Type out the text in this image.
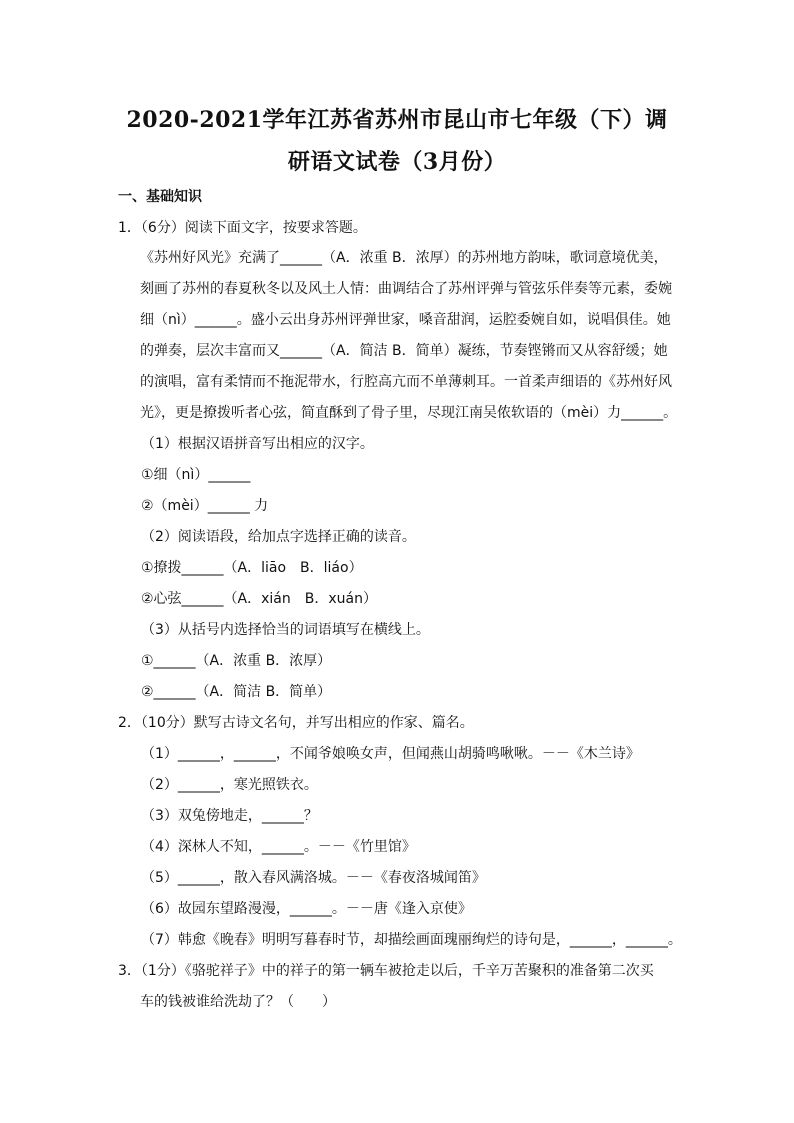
2020-2021学年江苏省苏州市昆山市七年级（下）调
研语文试卷（3月份）
一、基础知识
1．（6分）阅读下面文字，按要求答题。
《苏州好风光》充满了______（A．浓重 B．浓厚）的苏州地方韵味，歌词意境优美，
刻画了苏州的春夏秋冬以及风土人情：曲调结合了苏州评弹与管弦乐伴奏等元素，委婉
细（nì）______。盛小云出身苏州评弹世家，嗓音甜润，运腔委婉自如，说唱俱佳。她
的弹奏，层次丰富而又______（A．简洁 B．简单）凝练，节奏铿锵而又从容舒缓；她
的演唱，富有柔情而不拖泥带水，行腔高亢而不单薄刺耳。一首柔声细语的《苏州好风
光》，更是撩拨听者心弦，简直酥到了骨子里，尽现江南吴侬软语的（mèi）力______。
（1）根据汉语拼音写出相应的汉字。
①细（nì）______
②（mèi）______ 力
（2）阅读语段，给加点字选择正确的读音。
①撩拨______（A．liāo　B．liáo）
②心弦______（A．xián　B．xuán）
（3）从括号内选择恰当的词语填写在横线上。
①______（A．浓重 B．浓厚）
②______（A．简洁 B．简单）
2．（10分）默写古诗文名句，并写出相应的作家、篇名。
（1）______，______，不闻爷娘唤女声，但闻燕山胡骑鸣啾啾。－－《木兰诗》
（2）______，寒光照铁衣。
（3）双兔傍地走，______？
（4）深林人不知，______。－－《竹里馆》
（5）______，散入春风满洛城。－－《春夜洛城闻笛》
（6）故园东望路漫漫，______。－－唐《逢入京使》
（7）韩愈《晚春》明明写暮春时节，却描绘画面瑰丽绚烂的诗句是，______，______。
3．（1分）《骆驼祥子》中的祥子的第一辆车被抢走以后，千辛万苦聚积的准备第二次买
车的钱被谁给洗劫了？（　　）
